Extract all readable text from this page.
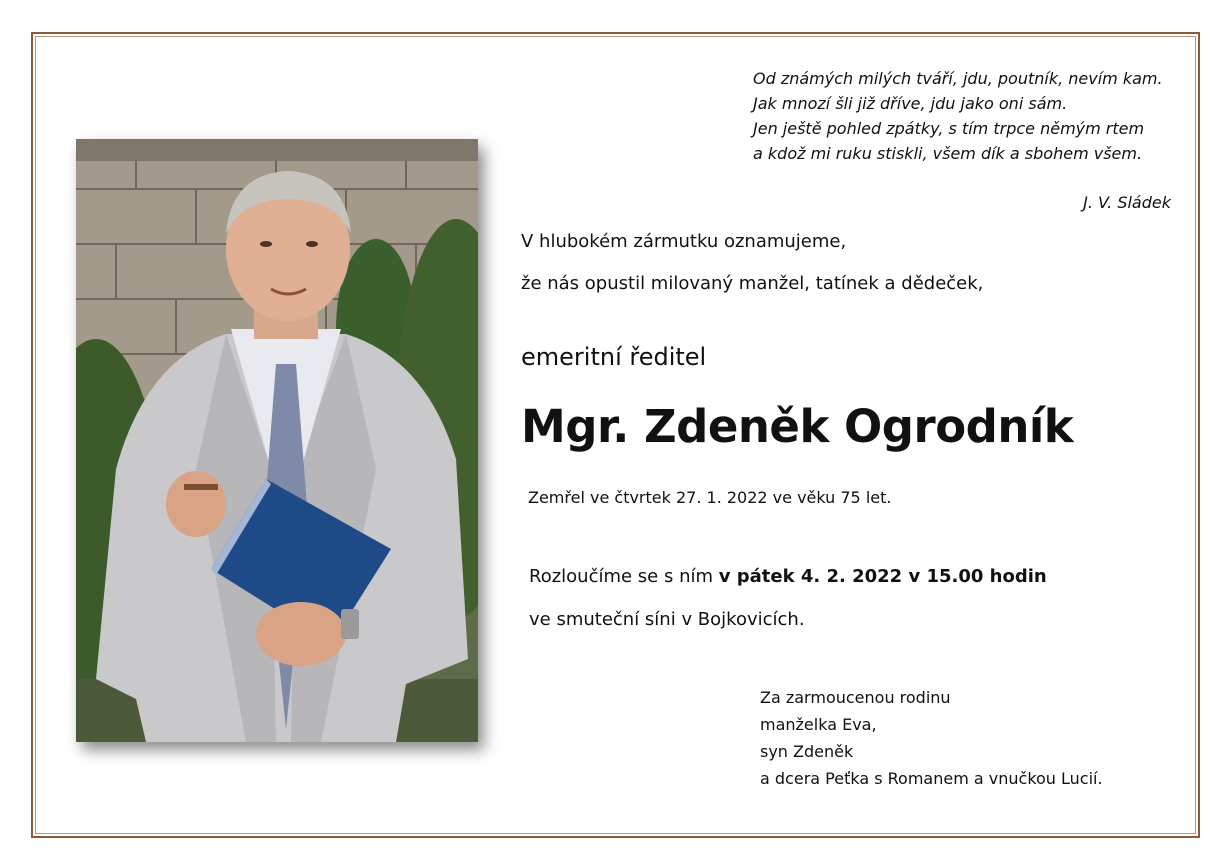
Od známých milých tváří, jdu, poutník, nevím kam.
Jak mnozí šli již dříve, jdu jako oni sám.
Jen ještě pohled zpátky, s tím trpce němým rtem
a kdož mi ruku stiskli, všem dík a sbohem všem.
J. V. Sládek
V hlubokém zármutku oznamujeme,
že nás opustil milovaný manžel, tatínek a dědeček,
emeritní ředitel
Mgr. Zdeněk Ogrodník
Zemřel ve čtvrtek 27. 1. 2022 ve věku 75 let.
Rozloučíme se s ním v pátek 4. 2. 2022 v 15.00 hodin
ve smuteční síni v Bojkovicích.
Za zarmoucenou rodinu
manželka Eva,
syn Zdeněk
a dcera Peťka s Romanem a vnučkou Lucií.
